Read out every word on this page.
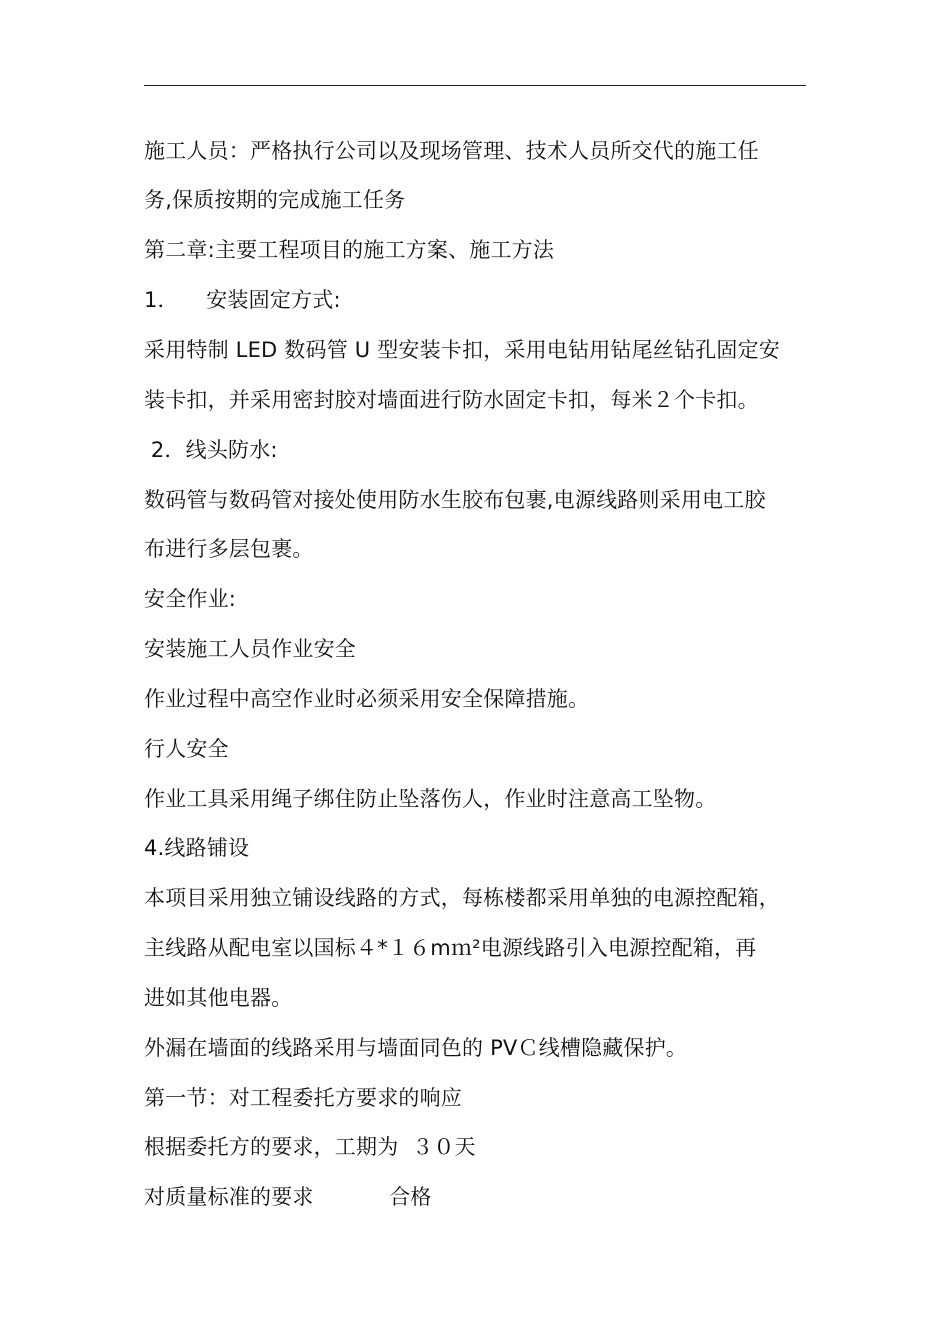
施工人员：严格执行公司以及现场管理、技术人员所交代的施工任
务,保质按期的完成施工任务
第二章:主要工程项目的施工方案、施工方法
1．    安装固定方式:
采用特制 LED 数码管 U 型安装卡扣，采用电钻用钻尾丝钻孔固定安
装卡扣，并采用密封胶对墙面进行防水固定卡扣，每米２个卡扣。
2．线头防水:
数码管与数码管对接处使用防水生胶布包裹,电源线路则采用电工胶
布进行多层包裹。
安全作业:
安装施工人员作业安全
作业过程中高空作业时必须采用安全保障措施。
行人安全
作业工具采用绳子绑住防止坠落伤人，作业时注意高工坠物。
4.线路铺设
本项目采用独立铺设线路的方式，每栋楼都采用单独的电源控配箱，
主线路从配电室以国标４*１６mｍ²电源线路引入电源控配箱，再
进如其他电器。
外漏在墙面的线路采用与墙面同色的 PVＣ线槽隐藏保护。
第一节：对工程委托方要求的响应
根据委托方的要求，工期为  ３０天
对质量标准的要求           合格
